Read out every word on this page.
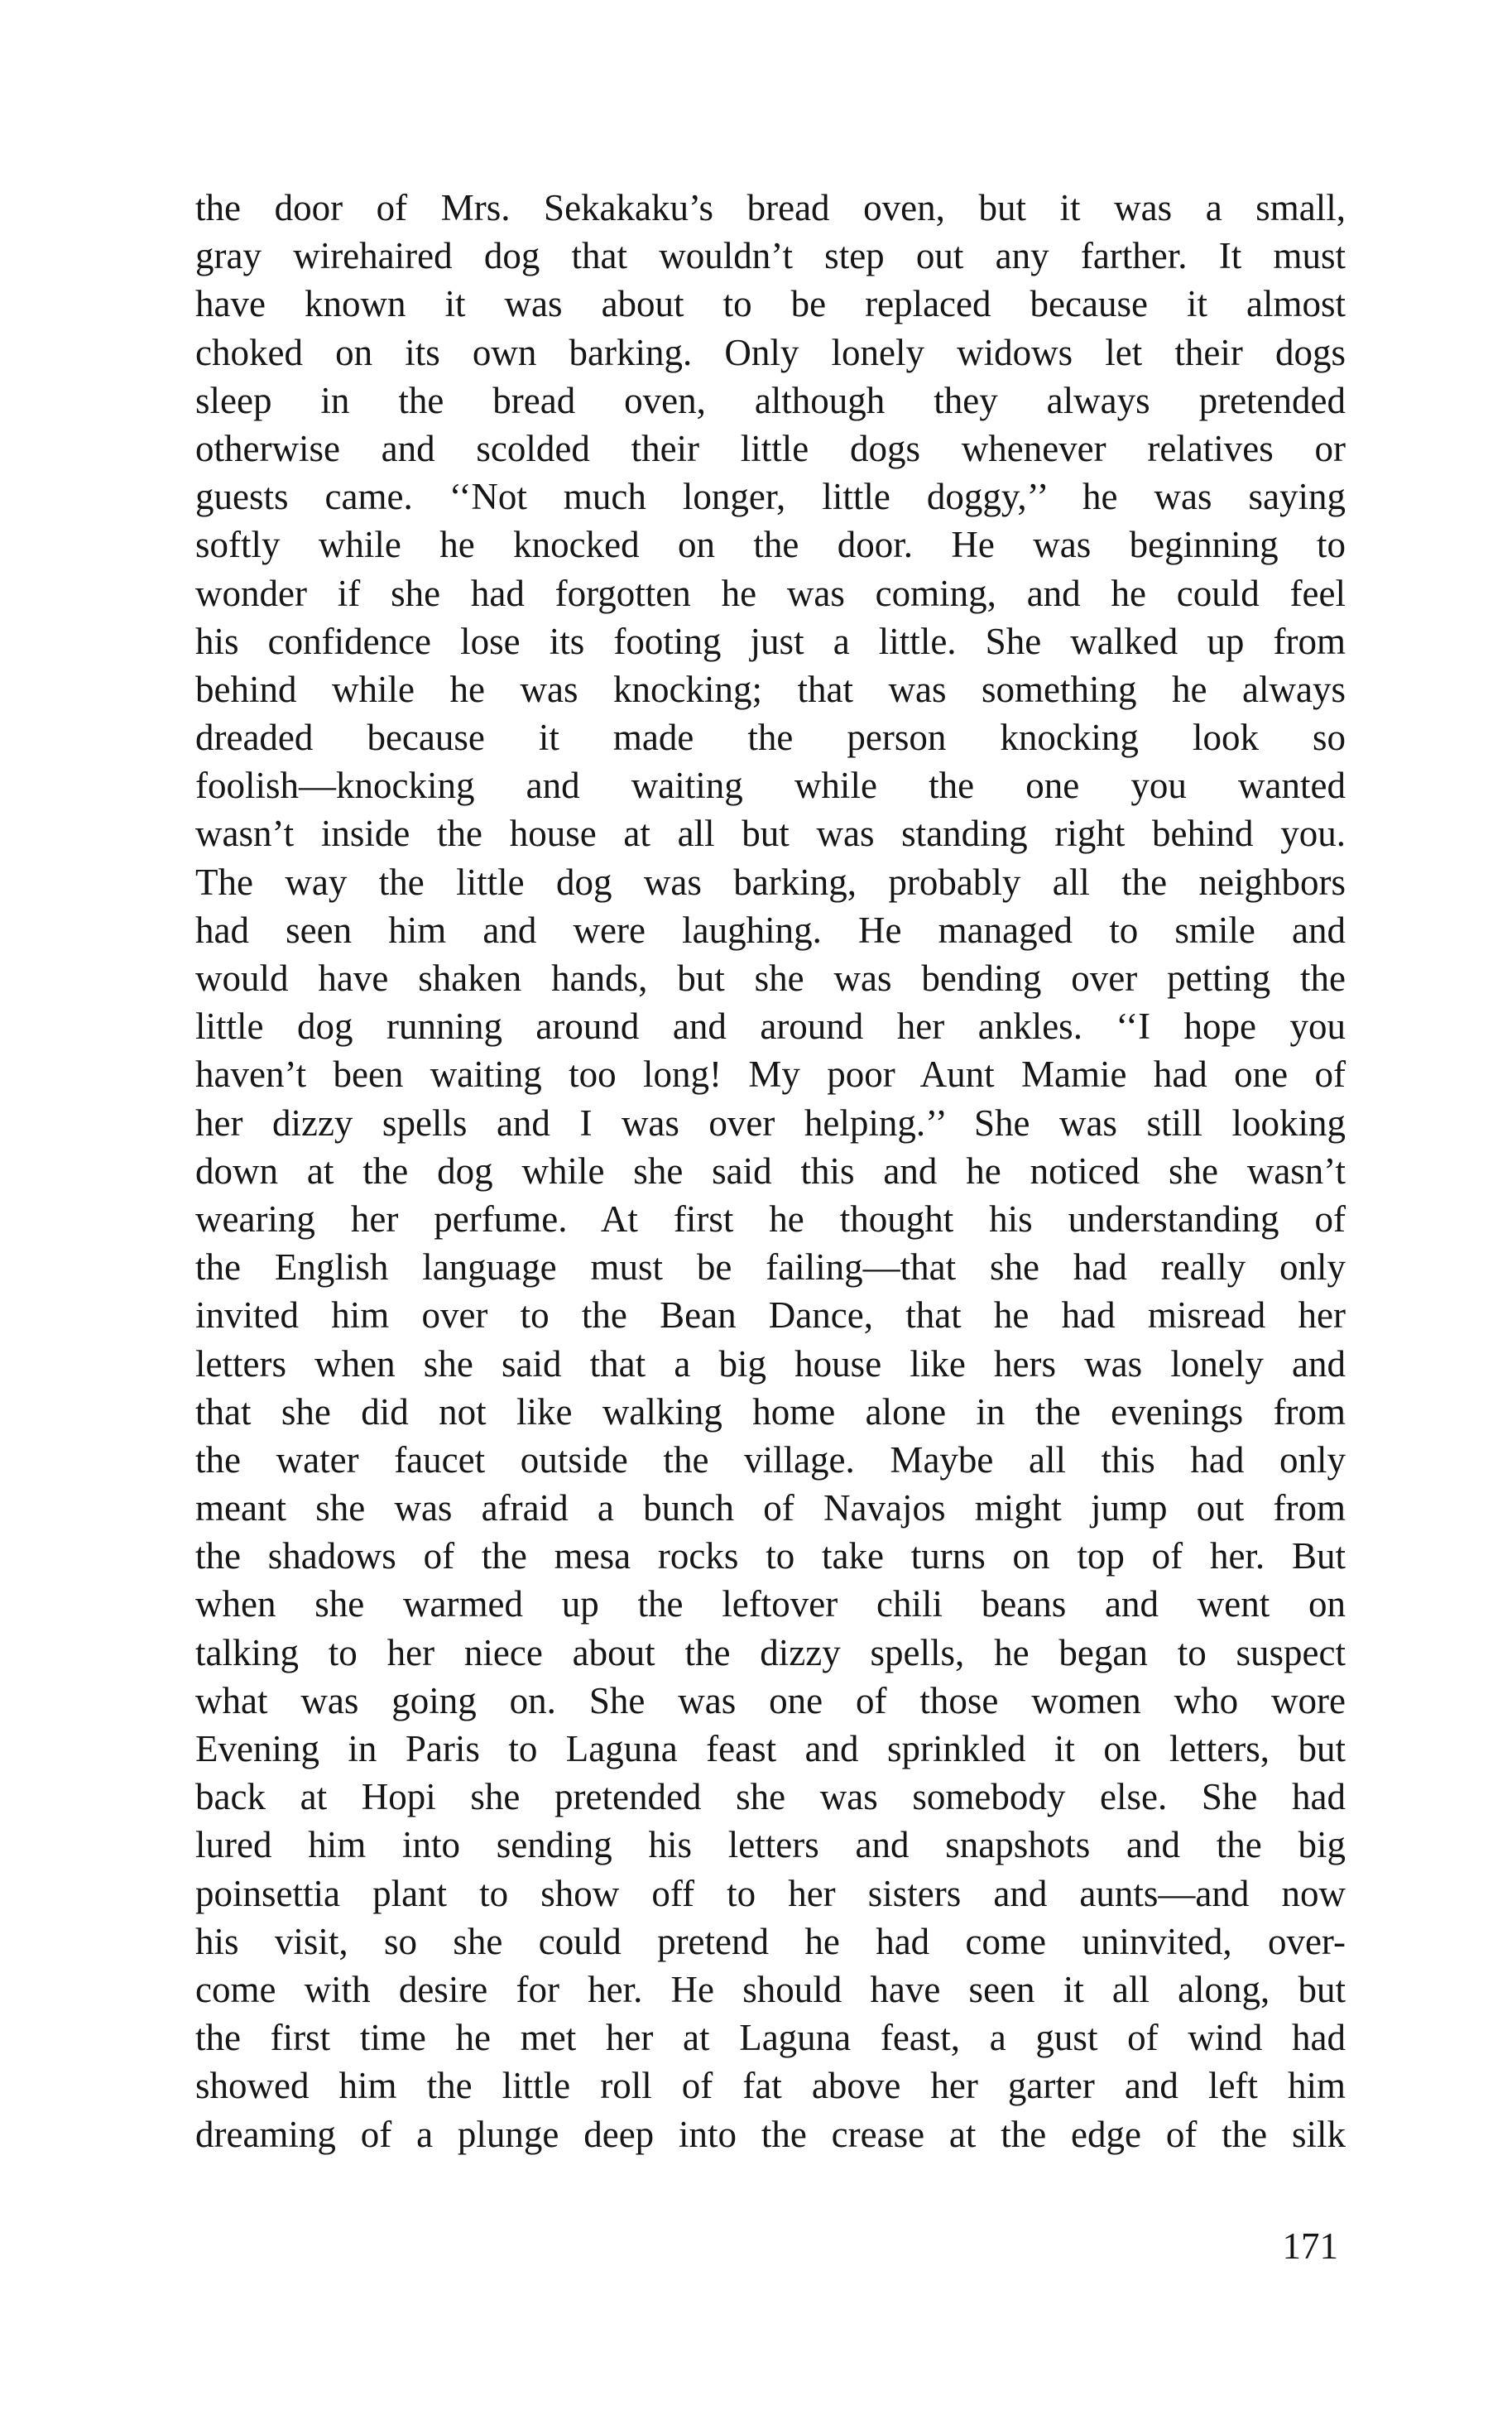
the door of Mrs. Sekakaku’s bread oven, but it was a small,
gray wirehaired dog that wouldn’t step out any farther. It must
have known it was about to be replaced because it almost
choked on its own barking. Only lonely widows let their dogs
sleep in the bread oven, although they always pretended
otherwise and scolded their little dogs whenever relatives or
guests came. ‘‘Not much longer, little doggy,’’ he was saying
softly while he knocked on the door. He was beginning to
wonder if she had forgotten he was coming, and he could feel
his confidence lose its footing just a little. She walked up from
behind while he was knocking; that was something he always
dreaded because it made the person knocking look so
foolish—knocking and waiting while the one you wanted
wasn’t inside the house at all but was standing right behind you.
The way the little dog was barking, probably all the neighbors
had seen him and were laughing. He managed to smile and
would have shaken hands, but she was bending over petting the
little dog running around and around her ankles. ‘‘I hope you
haven’t been waiting too long! My poor Aunt Mamie had one of
her dizzy spells and I was over helping.’’ She was still looking
down at the dog while she said this and he noticed she wasn’t
wearing her perfume. At first he thought his understanding of
the English language must be failing—that she had really only
invited him over to the Bean Dance, that he had misread her
letters when she said that a big house like hers was lonely and
that she did not like walking home alone in the evenings from
the water faucet outside the village. Maybe all this had only
meant she was afraid a bunch of Navajos might jump out from
the shadows of the mesa rocks to take turns on top of her. But
when she warmed up the leftover chili beans and went on
talking to her niece about the dizzy spells, he began to suspect
what was going on. She was one of those women who wore
Evening in Paris to Laguna feast and sprinkled it on letters, but
back at Hopi she pretended she was somebody else. She had
lured him into sending his letters and snapshots and the big
poinsettia plant to show off to her sisters and aunts—and now
his visit, so she could pretend he had come uninvited, over-
come with desire for her. He should have seen it all along, but
the first time he met her at Laguna feast, a gust of wind had
showed him the little roll of fat above her garter and left him
dreaming of a plunge deep into the crease at the edge of the silk
171
